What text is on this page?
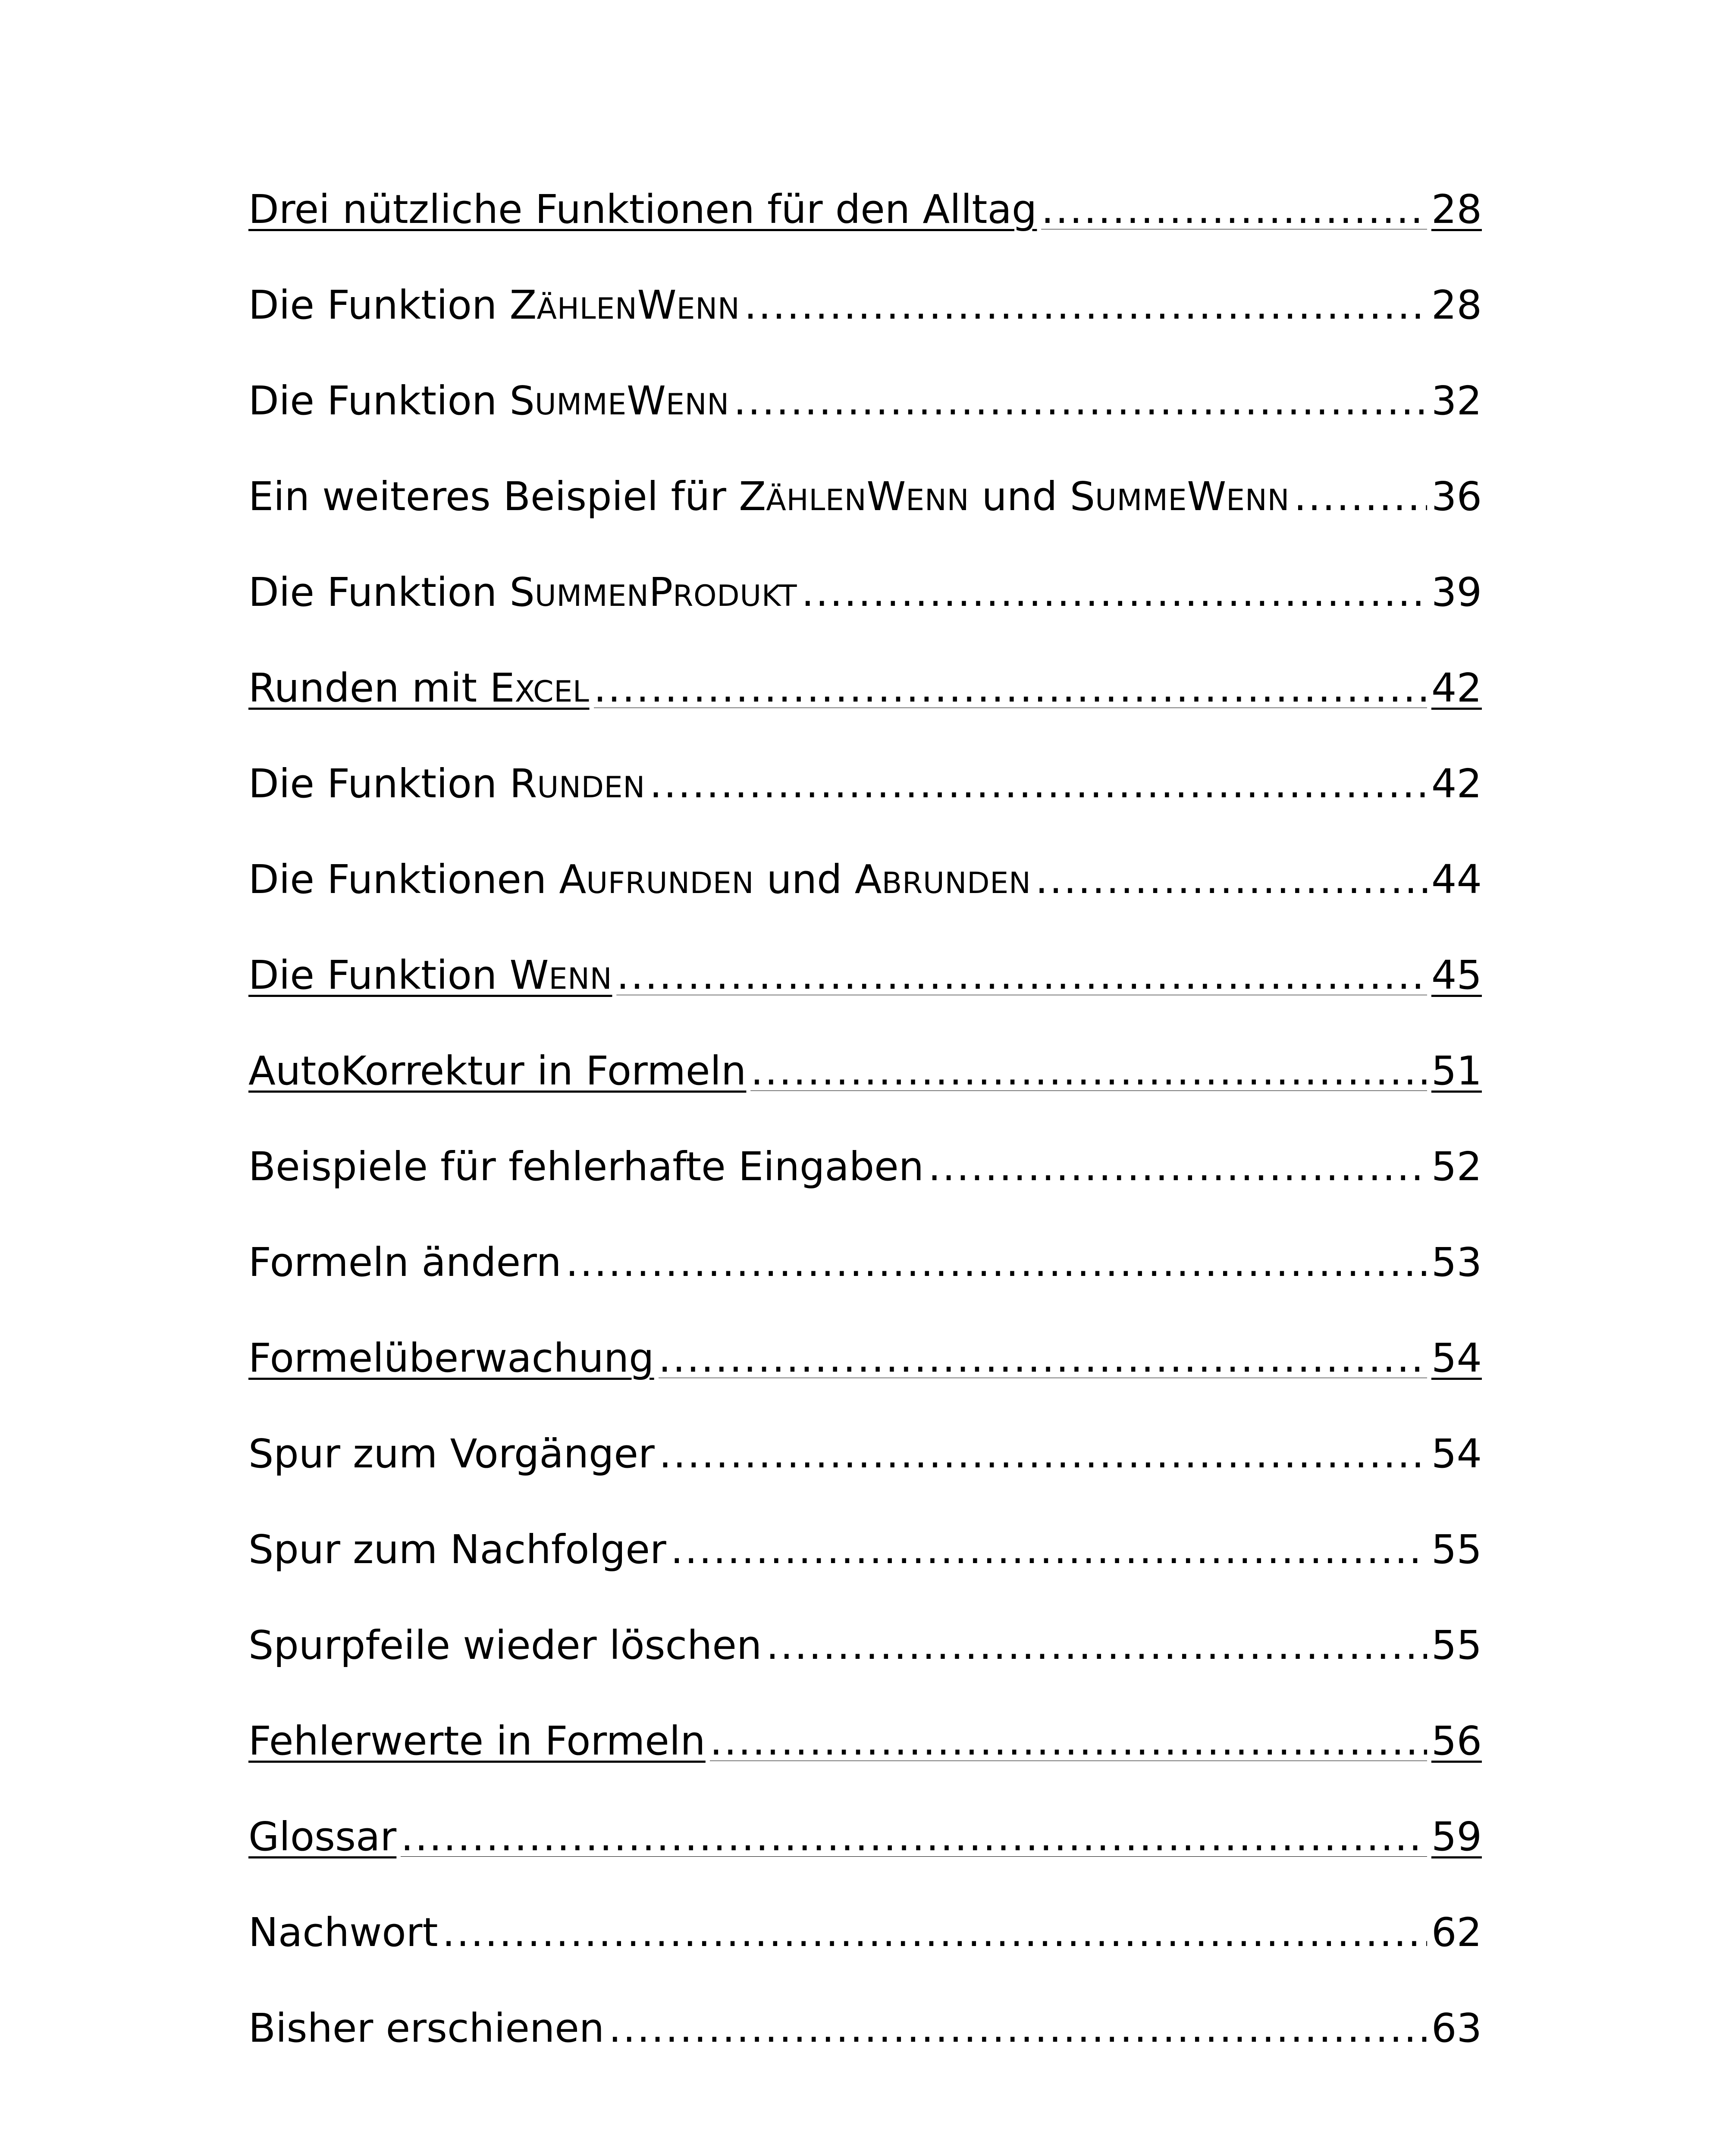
Drei nützliche Funktionen für den Alltag .....	28
Die Funktion ZÄHLENWENN .....	28
Die Funktion SUMMEWENN .....	32
Ein weiteres Beispiel für ZÄHLENWENN und SUMMEWENN .....	36
Die Funktion SUMMENPRODUKT .....	39
Runden mit EXCEL .....	42
Die Funktion RUNDEN .....	42
Die Funktionen AUFRUNDEN und ABRUNDEN .....	44
Die Funktion WENN .....	45
AutoKorrektur in Formeln .....	51
Beispiele für fehlerhafte Eingaben .....	52
Formeln ändern .....	53
Formelüberwachung .....	54
Spur zum Vorgänger .....	54
Spur zum Nachfolger .....	55
Spurpfeile wieder löschen .....	55
Fehlerwerte in Formeln .....	56
Glossar .....	59
Nachwort .....	62
Bisher erschienen .....	63
